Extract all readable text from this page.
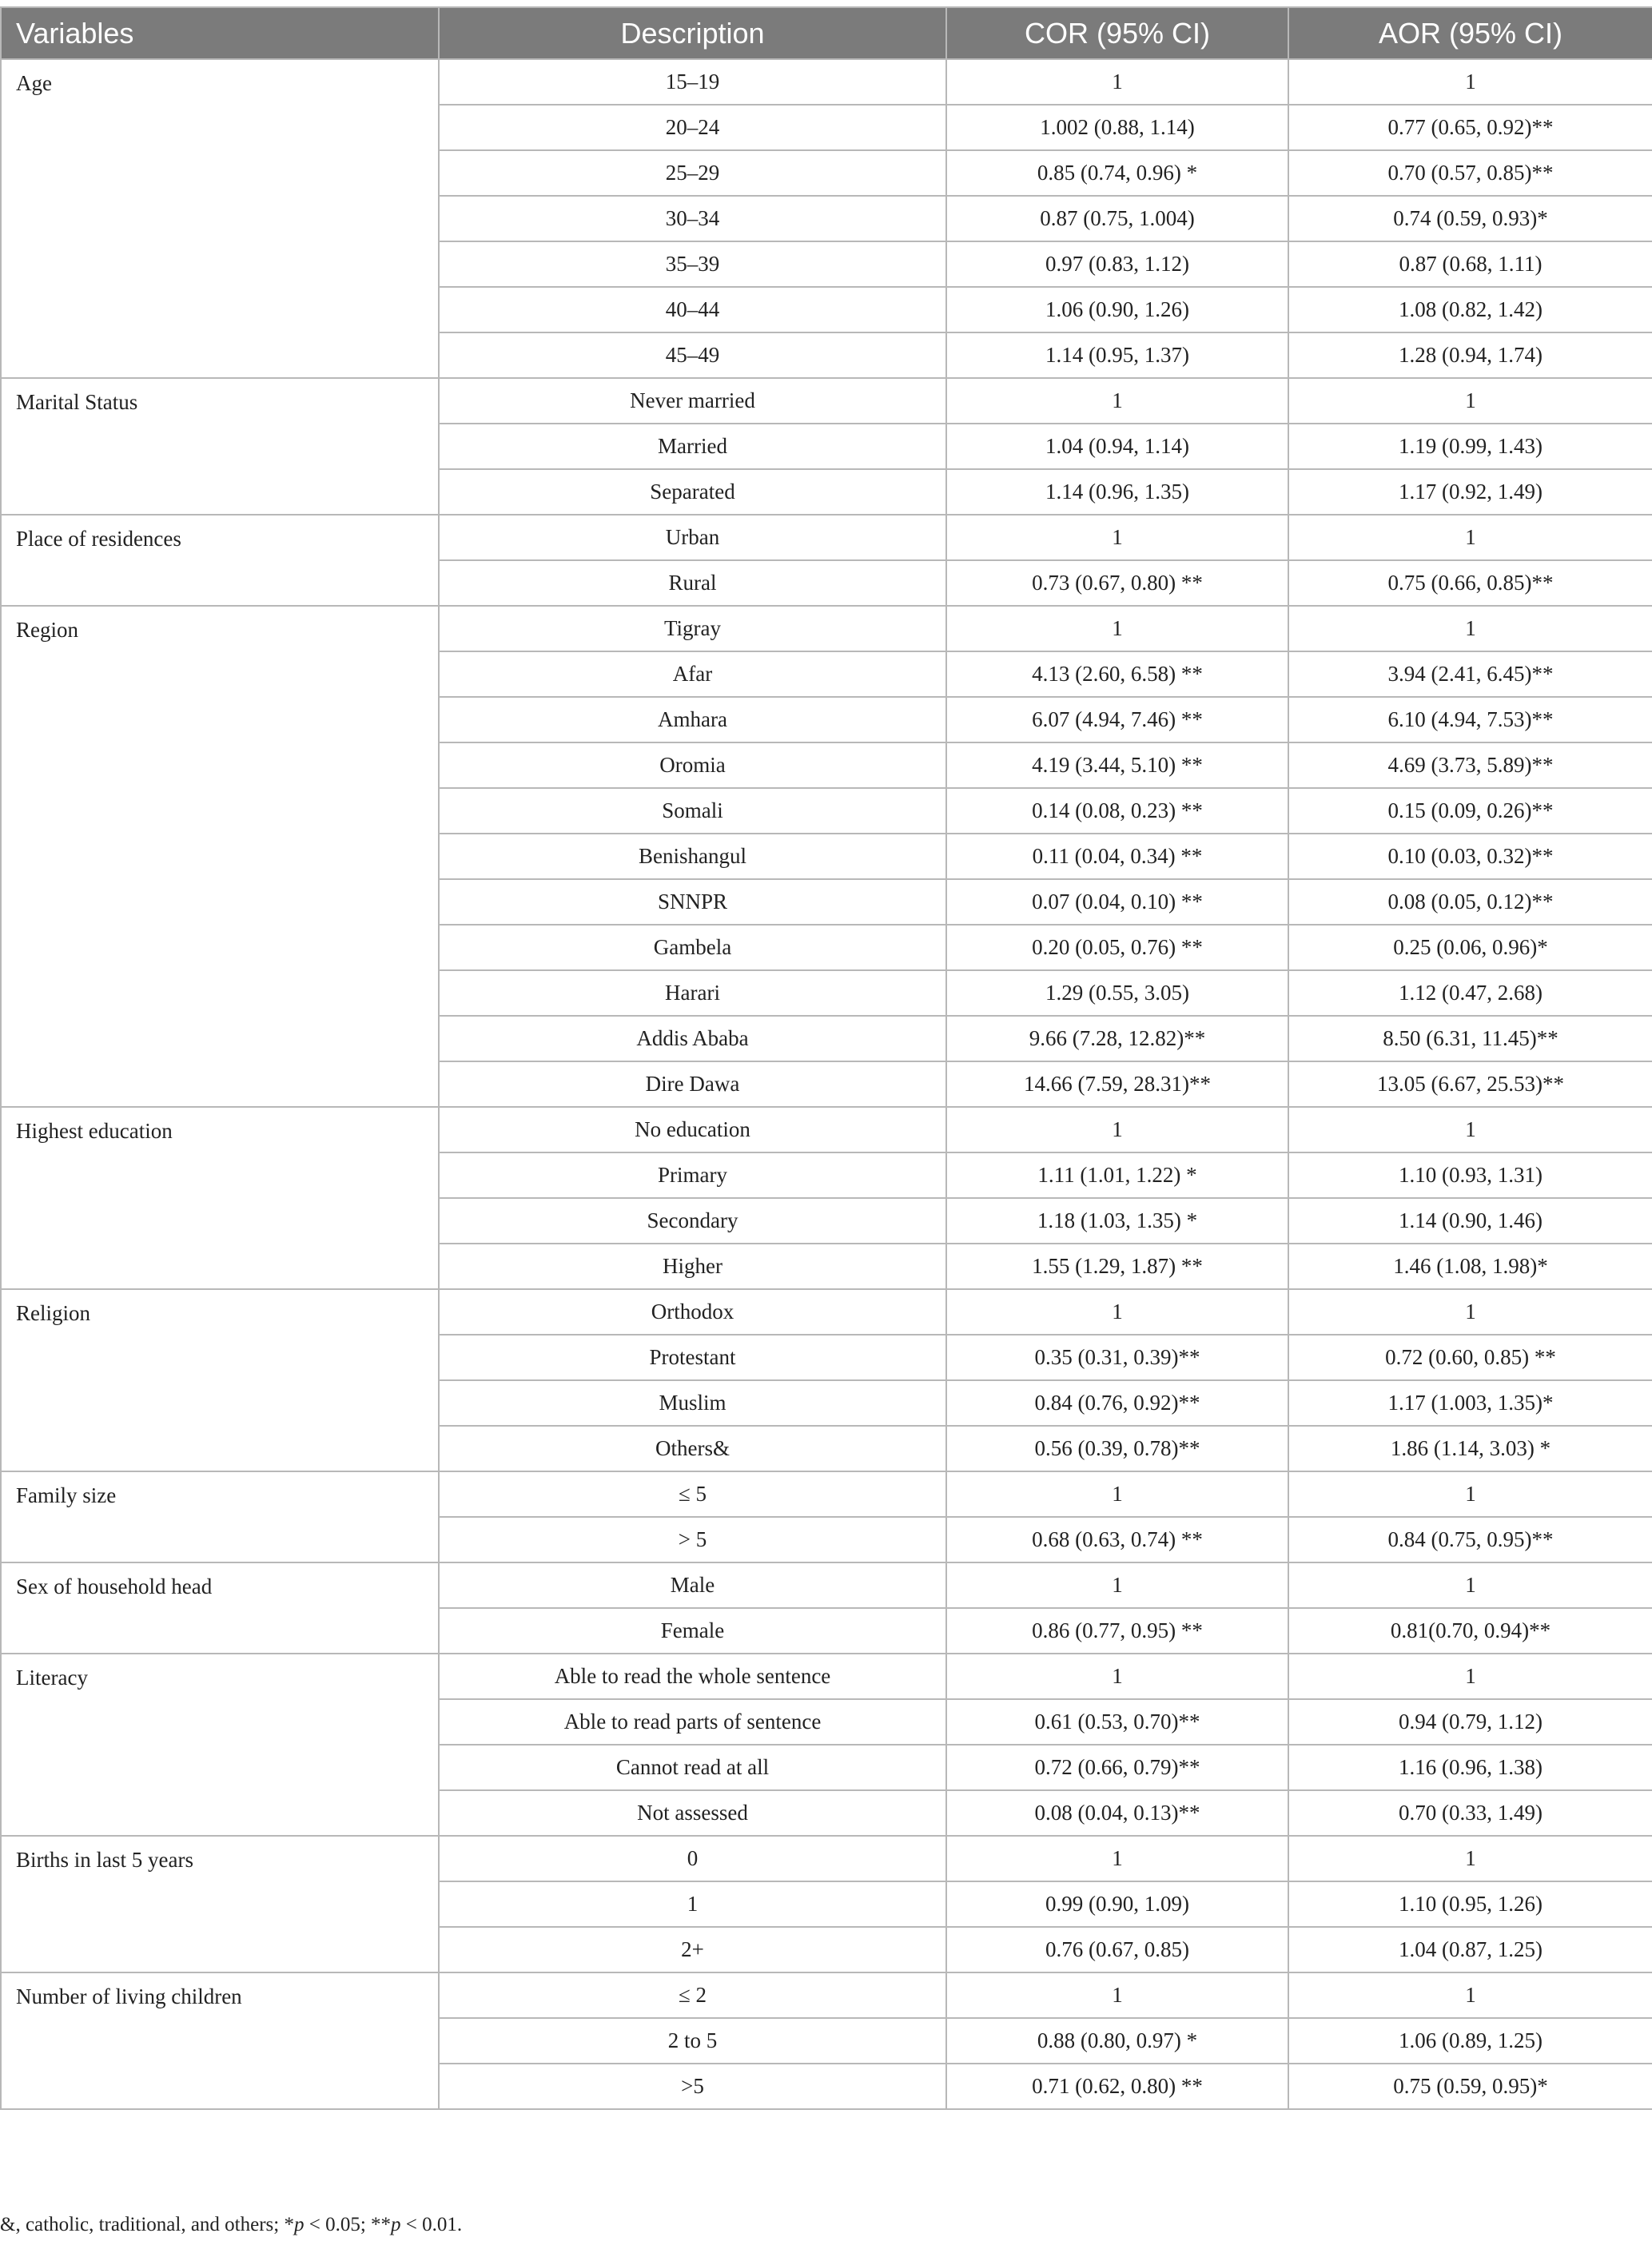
Variables	Description	COR (95% CI)	AOR (95% CI)
Age	15–19	1	1
	20–24	1.002 (0.88, 1.14)	0.77 (0.65, 0.92)**
	25–29	0.85 (0.74, 0.96) *	0.70 (0.57, 0.85)**
	30–34	0.87 (0.75, 1.004)	0.74 (0.59, 0.93)*
	35–39	0.97 (0.83, 1.12)	0.87 (0.68, 1.11)
	40–44	1.06 (0.90, 1.26)	1.08 (0.82, 1.42)
	45–49	1.14 (0.95, 1.37)	1.28 (0.94, 1.74)
Marital Status	Never married	1	1
	Married	1.04 (0.94, 1.14)	1.19 (0.99, 1.43)
	Separated	1.14 (0.96, 1.35)	1.17 (0.92, 1.49)
Place of residences	Urban	1	1
	Rural	0.73 (0.67, 0.80) **	0.75 (0.66, 0.85)**
Region	Tigray	1	1
	Afar	4.13 (2.60, 6.58) **	3.94 (2.41, 6.45)**
	Amhara	6.07 (4.94, 7.46) **	6.10 (4.94, 7.53)**
	Oromia	4.19 (3.44, 5.10) **	4.69 (3.73, 5.89)**
	Somali	0.14 (0.08, 0.23) **	0.15 (0.09, 0.26)**
	Benishangul	0.11 (0.04, 0.34) **	0.10 (0.03, 0.32)**
	SNNPR	0.07 (0.04, 0.10) **	0.08 (0.05, 0.12)**
	Gambela	0.20 (0.05, 0.76) **	0.25 (0.06, 0.96)*
	Harari	1.29 (0.55, 3.05)	1.12 (0.47, 2.68)
	Addis Ababa	9.66 (7.28, 12.82)**	8.50 (6.31, 11.45)**
	Dire Dawa	14.66 (7.59, 28.31)**	13.05 (6.67, 25.53)**
Highest education	No education	1	1
	Primary	1.11 (1.01, 1.22) *	1.10 (0.93, 1.31)
	Secondary	1.18 (1.03, 1.35) *	1.14 (0.90, 1.46)
	Higher	1.55 (1.29, 1.87) **	1.46 (1.08, 1.98)*
Religion	Orthodox	1	1
	Protestant	0.35 (0.31, 0.39)**	0.72 (0.60, 0.85) **
	Muslim	0.84 (0.76, 0.92)**	1.17 (1.003, 1.35)*
	Others&	0.56 (0.39, 0.78)**	1.86 (1.14, 3.03) *
Family size	≤ 5	1	1
	> 5	0.68 (0.63, 0.74) **	0.84 (0.75, 0.95)**
Sex of household head	Male	1	1
	Female	0.86 (0.77, 0.95) **	0.81(0.70, 0.94)**
Literacy	Able to read the whole sentence	1	1
	Able to read parts of sentence	0.61 (0.53, 0.70)**	0.94 (0.79, 1.12)
	Cannot read at all	0.72 (0.66, 0.79)**	1.16 (0.96, 1.38)
	Not assessed	0.08 (0.04, 0.13)**	0.70 (0.33, 1.49)
Births in last 5 years	0	1	1
	1	0.99 (0.90, 1.09)	1.10 (0.95, 1.26)
	2+	0.76 (0.67, 0.85)	1.04 (0.87, 1.25)
Number of living children	≤ 2	1	1
	2 to 5	0.88 (0.80, 0.97) *	1.06 (0.89, 1.25)
	>5	0.71 (0.62, 0.80) **	0.75 (0.59, 0.95)*
&, catholic, traditional, and others; *p < 0.05; **p < 0.01.
